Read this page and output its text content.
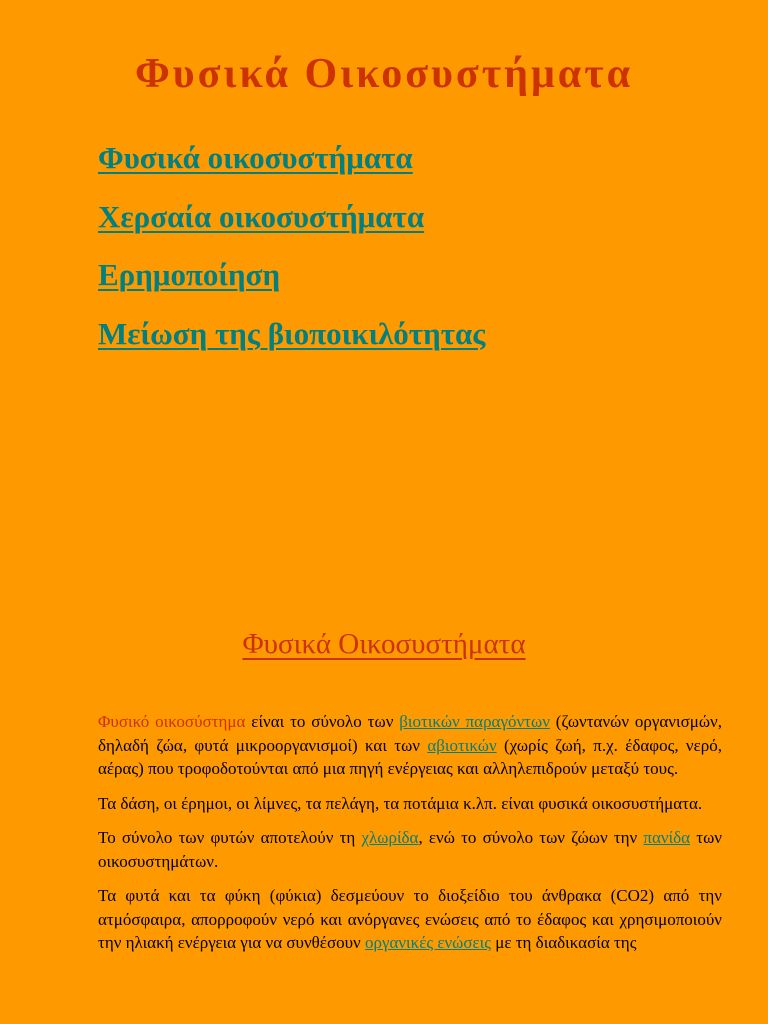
Φυσικά Οικοσυστήματα
Φυσικά οικοσυστήματα
Χερσαία οικοσυστήματα
Ερημοποίηση
Μείωση της βιοποικιλότητας
Φυσικά Οικοσυστήματα

Φυσικό οικοσύστημα είναι το σύνολο των βιοτικών παραγόντων (ζωντανών οργανισμών, δηλαδή ζώα, φυτά μικροοργανισμοί) και των αβιοτικών (χωρίς ζωή, π.χ. έδαφος, νερό, αέρας) που τροφοδοτούνται από μια πηγή ενέργειας και αλληλεπιδρούν μεταξύ τους.

Τα δάση, οι έρημοι, οι λίμνες, τα πελάγη, τα ποτάμια κ.λπ. είναι φυσικά οικοσυστήματα.

Το σύνολο των φυτών αποτελούν τη χλωρίδα, ενώ το σύνολο των ζώων την πανίδα των οικοσυστημάτων.

Τα φυτά και τα φύκη (φύκια) δεσμεύουν το διοξείδιο του άνθρακα (CO2) από την ατμόσφαιρα, απορροφούν νερό και ανόργανες ενώσεις από το έδαφος και χρησιμοποιούν την ηλιακή ενέργεια για να συνθέσουν οργανικές ενώσεις με τη διαδικασία της
